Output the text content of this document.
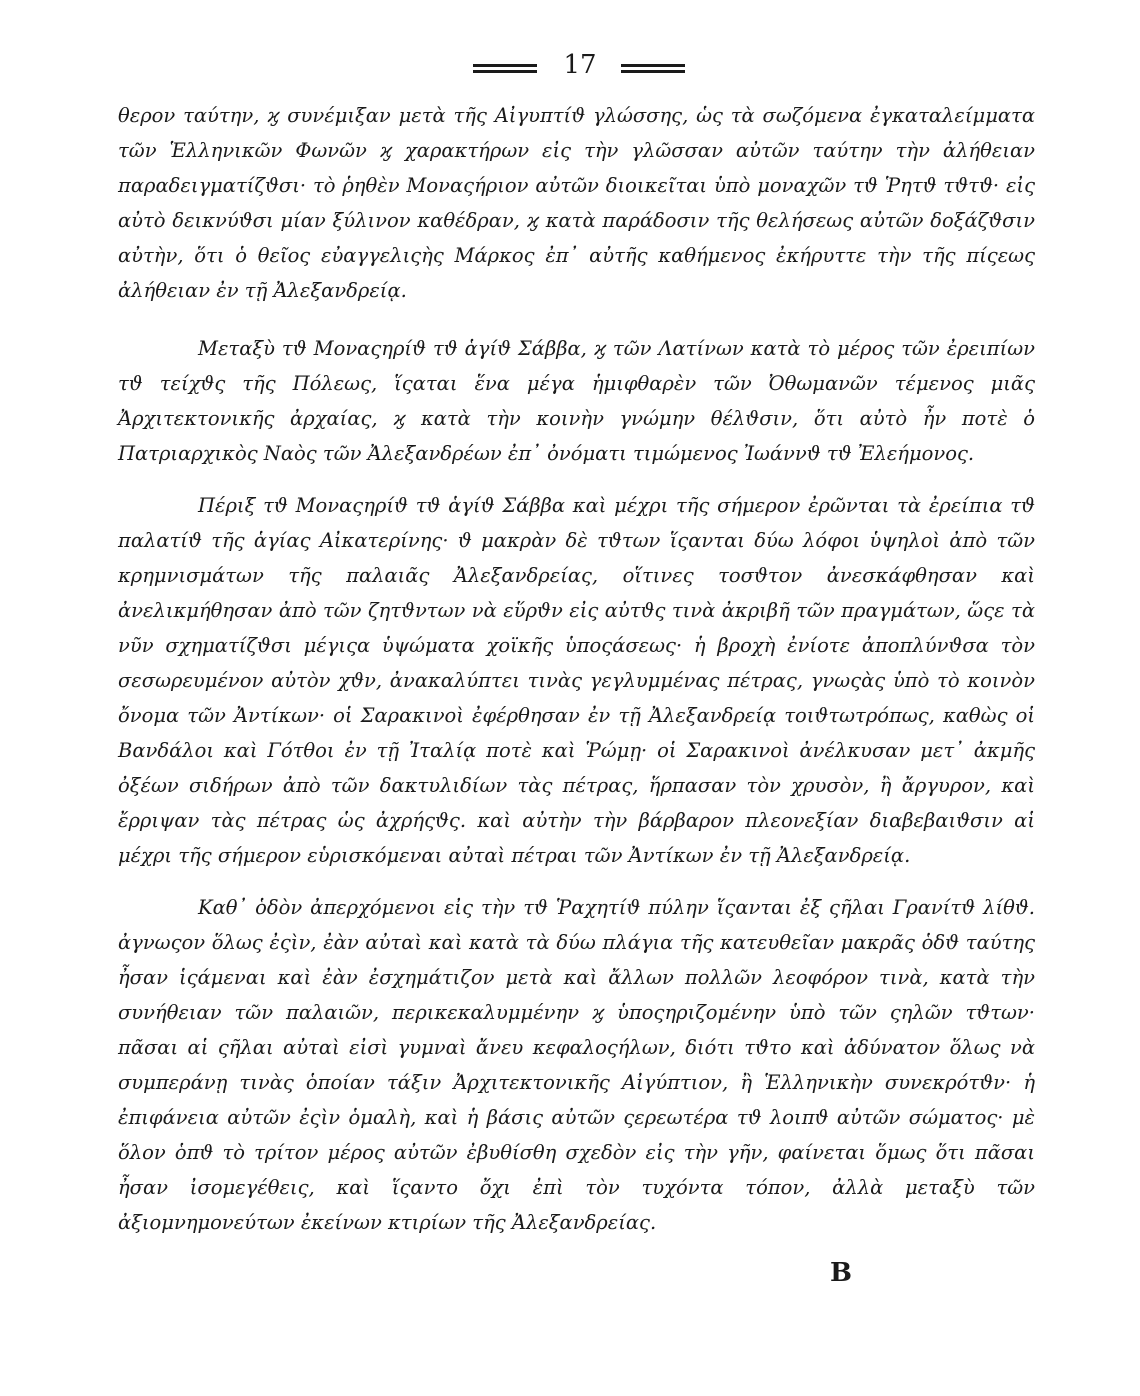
17

θερον ταύτην, ϗ συνέμιξαν μετὰ τῆς Αἰγυπτίϑ γλώσσης, ὡς τὰ σωζόμενα ἐγκαταλείμματα τῶν Ἑλληνικῶν Φωνῶν ϗ χαρακτήρων εἰς τὴν γλῶσσαν αὐτῶν ταύτην τὴν ἀλήθειαν παραδειγματίζϑσι· τὸ ῥηθὲν Μοναςήριον αὐτῶν διοικεῖται ὑπὸ μοναχῶν τϑ Ῥητϑ τϑτϑ· εἰς αὐτὸ δεικνύϑσι μίαν ξύλινον καθέδραν, ϗ κατὰ παράδοσιν τῆς θελήσεως αὐτῶν δοξάζϑσιν αὐτὴν, ὅτι ὁ θεῖος εὐαγγελιςὴς Μάρκος ἐπ᾽ αὐτῆς καθήμενος ἐκήρυττε τὴν τῆς πίςεως ἀλήθειαν ἐν τῇ Ἀλεξανδρείᾳ.

Μεταξὺ τϑ Μοναςηρίϑ τϑ ἁγίϑ Σάββα, ϗ τῶν Λατίνων κατὰ τὸ μέρος τῶν ἐρειπίων τϑ τείχϑς τῆς Πόλεως, ἵςαται ἕνα μέγα ἡμιφθαρὲν τῶν Ὀθωμανῶν τέμενος μιᾶς Ἀρχιτεκτονικῆς ἀρχαίας, ϗ κατὰ τὴν κοινὴν γνώμην θέλϑσιν, ὅτι αὐτὸ ἦν ποτὲ ὁ Πατριαρχικὸς Ναὸς τῶν Ἀλεξανδρέων ἐπ᾽ ὀνόματι τιμώμενος Ἰωάννϑ τϑ Ἐλεήμονος.

Πέριξ τϑ Μοναςηρίϑ τϑ ἁγίϑ Σάββα καὶ μέχρι τῆς σήμερον ἐρῶνται τὰ ἐρείπια τϑ παλατίϑ τῆς ἁγίας Αἰκατερίνης· ϑ μακρὰν δὲ τϑτων ἵςανται δύω λόφοι ὑψηλοὶ ἀπὸ τῶν κρημνισμάτων τῆς παλαιᾶς Ἀλεξανδρείας, οἵτινες τοσϑτον ἀνεσκάφθησαν καὶ ἀνελικμήθησαν ἀπὸ τῶν ζητϑντων νὰ εὕρϑν εἰς αὐτϑς τινὰ ἀκριβῆ τῶν πραγμάτων, ὥςε τὰ νῦν σχηματίζϑσι μέγιςα ὑψώματα χοϊκῆς ὑποςάσεως· ἡ βροχὴ ἐνίοτε ἀποπλύνϑσα τὸν σεσωρευμένον αὐτὸν χϑν, ἀνακαλύπτει τινὰς γεγλυμμένας πέτρας, γνωςὰς ὑπὸ τὸ κοινὸν ὄνομα τῶν Ἀντίκων· οἱ Σαρακινοὶ ἐφέρθησαν ἐν τῇ Ἀλεξανδρείᾳ τοιϑτωτρόπως, καθὼς οἱ Βανδάλοι καὶ Γότθοι ἐν τῇ Ἰταλίᾳ ποτὲ καὶ Ῥώμῃ· οἱ Σαρακινοὶ ἀνέλκυσαν μετ᾽ ἀκμῆς ὀξέων σιδήρων ἀπὸ τῶν δακτυλιδίων τὰς πέτρας, ἥρπασαν τὸν χρυσὸν, ἢ ἄργυρον, καὶ ἔρριψαν τὰς πέτρας ὡς ἀχρήςϑς. καὶ αὐτὴν τὴν βάρβαρον πλεονεξίαν διαβεβαιϑσιν αἱ μέχρι τῆς σήμερον εὑρισκόμεναι αὐταὶ πέτραι τῶν Ἀντίκων ἐν τῇ Ἀλεξανδρείᾳ.

Καθ᾽ ὁδὸν ἀπερχόμενοι εἰς τὴν τϑ Ῥαχητίϑ πύλην ἵςανται ἐξ ςῆλαι Γρανίτϑ λίθϑ. ἀγνωςον ὅλως ἐςὶν, ἐὰν αὐταὶ καὶ κατὰ τὰ δύω πλάγια τῆς κατευθεῖαν μακρᾶς ὁδϑ ταύτης ἦσαν ἱςάμεναι καὶ ἐὰν ἐσχημάτιζον μετὰ καὶ ἄλλων πολλῶν λεοφόρον τινὰ, κατὰ τὴν συνήθειαν τῶν παλαιῶν, περικεκαλυμμένην ϗ ὑποςηριζομένην ὑπὸ τῶν ςηλῶν τϑτων· πᾶσαι αἱ ςῆλαι αὐταὶ εἰσὶ γυμναὶ ἄνευ κεφαλοςήλων, διότι τϑτο καὶ ἀδύνατον ὅλως νὰ συμπεράνῃ τινὰς ὁποίαν τάξιν Ἀρχιτεκτονικῆς Αἰγύπτιον, ἢ Ἑλληνικὴν συνεκρότϑν· ἡ ἐπιφάνεια αὐτῶν ἐςὶν ὁμαλὴ, καὶ ἡ βάσις αὐτῶν ςερεωτέρα τϑ λοιπϑ αὐτῶν σώματος· μὲ ὅλον ὁπϑ τὸ τρίτον μέρος αὐτῶν ἐβυθίσθη σχεδὸν εἰς τὴν γῆν, φαίνεται ὅμως ὅτι πᾶσαι ἦσαν ἰσομεγέθεις, καὶ ἵςαντο ὄχι ἐπὶ τὸν τυχόντα τόπον, ἀλλὰ μεταξὺ τῶν ἀξιομνημονεύτων ἐκείνων κτιρίων τῆς Ἀλεξανδρείας.

B
